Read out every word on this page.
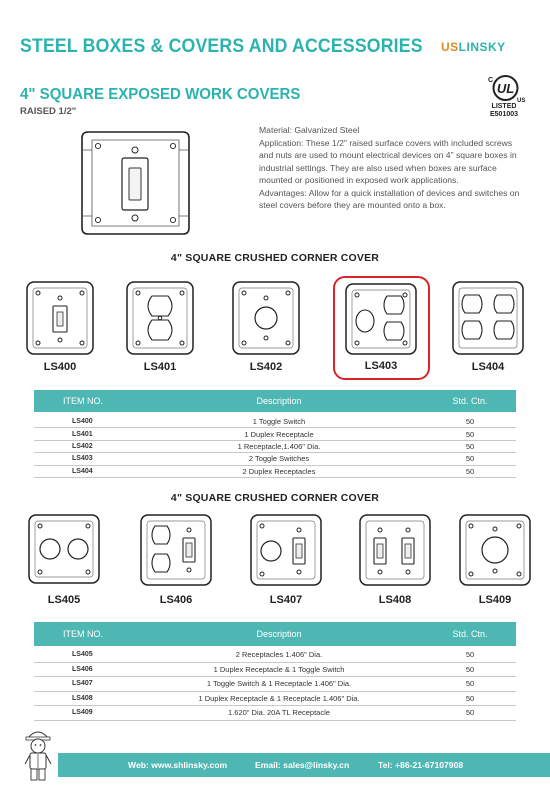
STEEL BOXES & COVERS AND ACCESSORIES USLINSKY
UL
C
US
LISTED
E501003
4" SQUARE EXPOSED WORK COVERS
RAISED 1/2"

Material: Galvanized Steel

Application: These 1/2" raised surface covers with included screws and nuts are used to mount electrical devices on 4" square boxes in industrial settings. They are also used when boxes are surface mounted or positioned in exposed work applications.

Advantages: Allow for a quick installation of devices and switches on steel covers before they are mounted onto a box.

4" SQUARE CRUSHED CORNER COVER
LS400	LS401	LS402	LS403	LS404
ITEM NO.	Description	Std. Ctn.
LS400	1 Toggle Switch	50
LS401	1 Duplex Receptacle	50
LS402	1 Receptacle,1.406" Dia.	50
LS403	2 Toggle Switches	50
LS404	2 Duplex Receptacles	50
4" SQUARE CRUSHED CORNER COVER
LS405	LS406	LS407	LS408	LS409
ITEM NO.	Description	Std. Ctn.
LS405	2 Receptacles 1.406" Dia.	50
LS406	1 Duplex Receptacle & 1 Toggle Switch	50
LS407	1 Toggle Switch & 1 Receptacle 1.406" Dia.	50
LS408	1 Duplex Receptacle & 1 Receptacle 1.406" Dia.	50
LS409	1.620" Dia. 20A TL Receptacle	50
Web: www.shlinsky.com	Email: sales@linsky.cn	Tel: +86-21-67107908
